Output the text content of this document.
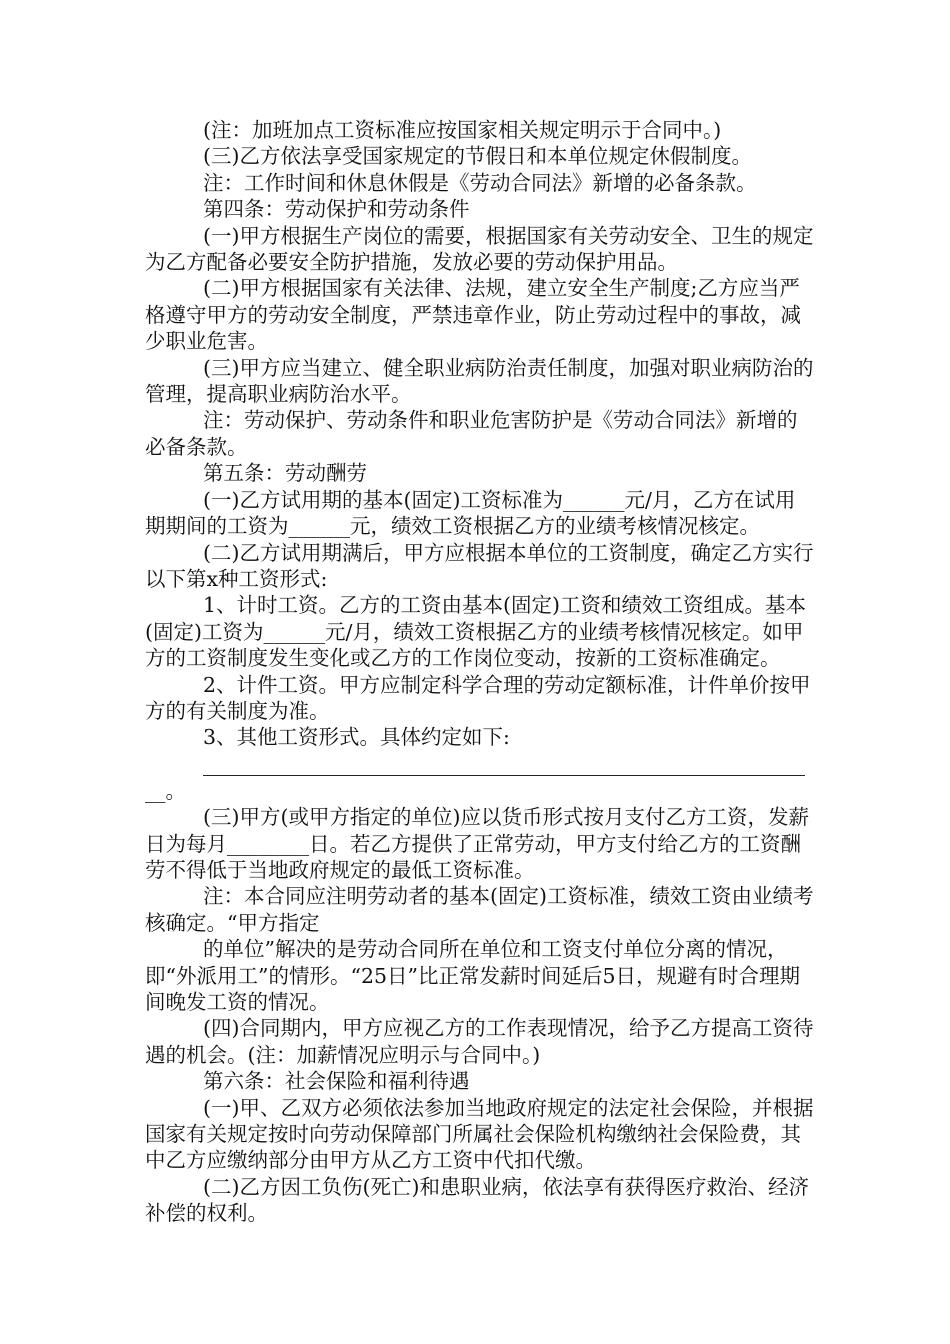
(注：加班加点工资标准应按国家相关规定明示于合同中。)

(三)乙方依法享受国家规定的节假日和本单位规定休假制度。

注：工作时间和休息休假是《劳动合同法》新增的必备条款。

第四条：劳动保护和劳动条件

(一)甲方根据生产岗位的需要，根据国家有关劳动安全、卫生的规定为乙方配备必要安全防护措施，发放必要的劳动保护用品。

(二)甲方根据国家有关法律、法规，建立安全生产制度;乙方应当严格遵守甲方的劳动安全制度，严禁违章作业，防止劳动过程中的事故，减少职业危害。

(三)甲方应当建立、健全职业病防治责任制度，加强对职业病防治的管理，提高职业病防治水平。

注：劳动保护、劳动条件和职业危害防护是《劳动合同法》新增的必备条款。

第五条：劳动酬劳

(一)乙方试用期的基本(固定)工资标准为______元/月，乙方在试用期期间的工资为______元，绩效工资根据乙方的业绩考核情况核定。

(二)乙方试用期满后，甲方应根据本单位的工资制度，确定乙方实行以下第x种工资形式:

1、计时工资。乙方的工资由基本(固定)工资和绩效工资组成。基本(固定)工资为______元/月，绩效工资根据乙方的业绩考核情况核定。如甲方的工资制度发生变化或乙方的工作岗位变动，按新的工资标准确定。

2、计件工资。甲方应制定科学合理的劳动定额标准，计件单价按甲方的有关制度为准。

3、其他工资形式。具体约定如下:

__。

(三)甲方(或甲方指定的单位)应以货币形式按月支付乙方工资，发薪日为每月________日。若乙方提供了正常劳动，甲方支付给乙方的工资酬劳不得低于当地政府规定的最低工资标准。

注：本合同应注明劳动者的基本(固定)工资标准，绩效工资由业绩考核确定。“甲方指定

的单位”解决的是劳动合同所在单位和工资支付单位分离的情况，即“外派用工”的情形。“25日”比正常发薪时间延后5日，规避有时合理期间晚发工资的情况。

(四)合同期内，甲方应视乙方的工作表现情况，给予乙方提高工资待遇的机会。(注：加薪情况应明示与合同中。)

第六条：社会保险和福利待遇

(一)甲、乙双方必须依法参加当地政府规定的法定社会保险，并根据国家有关规定按时向劳动保障部门所属社会保险机构缴纳社会保险费，其中乙方应缴纳部分由甲方从乙方工资中代扣代缴。

(二)乙方因工负伤(死亡)和患职业病，依法享有获得医疗救治、经济补偿的权利。
